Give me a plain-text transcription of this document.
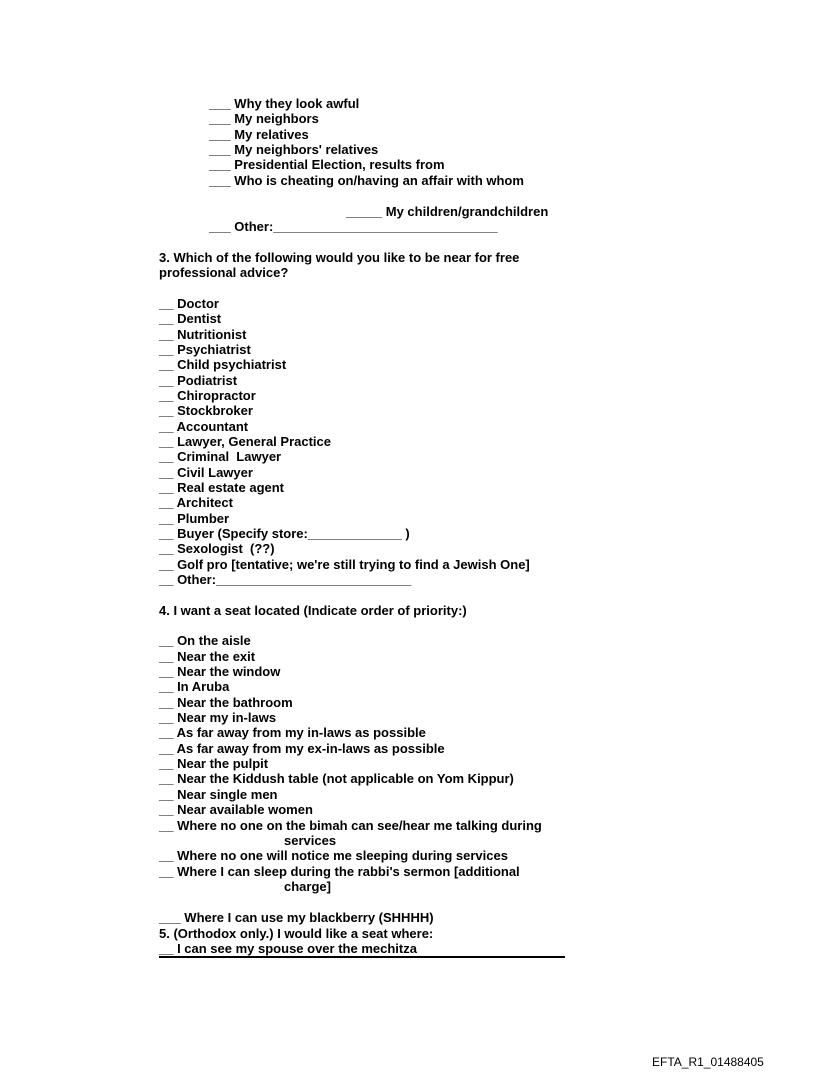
___ Why they look awful
___ My neighbors
___ My relatives
___ My neighbors' relatives
___ Presidential Election, results from
___ Who is cheating on/having an affair with whom
_____ My children/grandchildren
___ Other:_______________________________
3. Which of the following would you like to be near for free
professional advice?
__ Doctor
__ Dentist
__ Nutritionist
__ Psychiatrist
__ Child psychiatrist
__ Podiatrist
__ Chiropractor
__ Stockbroker
__ Accountant
__ Lawyer, General Practice
__ Criminal  Lawyer
__ Civil Lawyer
__ Real estate agent
__ Architect
__ Plumber
__ Buyer (Specify store:_____________ )
__ Sexologist  (??)
__ Golf pro [tentative; we're still trying to find a Jewish One]
__ Other:___________________________
4. I want a seat located (Indicate order of priority:)
__ On the aisle
__ Near the exit
__ Near the window
__ In Aruba
__ Near the bathroom
__ Near my in-laws
__ As far away from my in-laws as possible
__ As far away from my ex-in-laws as possible
__ Near the pulpit
__ Near the Kiddush table (not applicable on Yom Kippur)
__ Near single men
__ Near available women
__ Where no one on the bimah can see/hear me talking during
services
__ Where no one will notice me sleeping during services
__ Where I can sleep during the rabbi's sermon [additional
charge]
___ Where I can use my blackberry (SHHHH)
5. (Orthodox only.) I would like a seat where:
__ I can see my spouse over the mechitza
EFTA_R1_01488405
